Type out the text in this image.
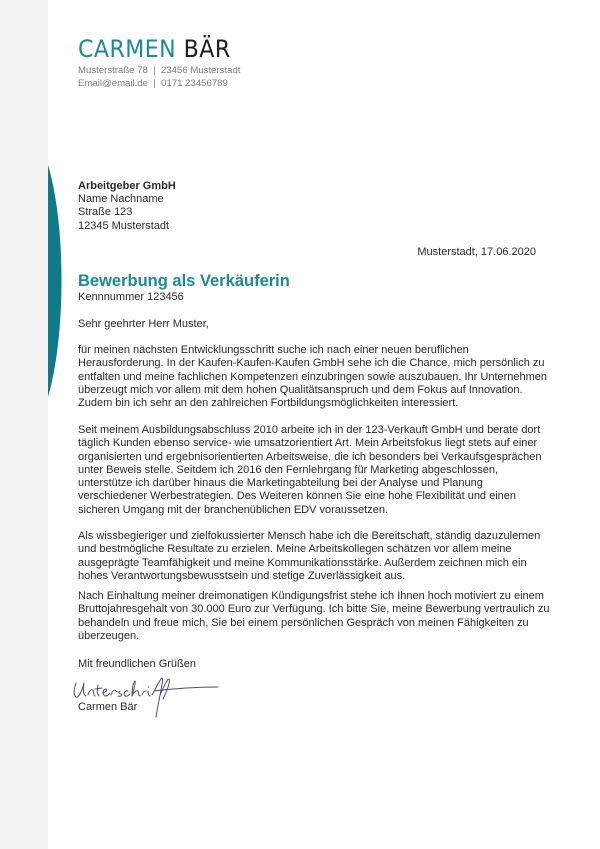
CARMEN BÄR
Musterstraße 78  |  23456 Musterstadt
Email@email.de  |  0171 23456789
Arbeitgeber GmbH
Name Nachname
Straße 123
12345 Musterstadt
Musterstadt, 17.06.2020
Bewerbung als Verkäuferin
Kennnummer 123456
Sehr geehrter Herr Muster,
für meinen nächsten Entwicklungsschritt suche ich nach einer neuen beruflichen
Herausforderung. In der Kaufen-Kaufen-Kaufen GmbH sehe ich die Chance, mich persönlich zu
entfalten und meine fachlichen Kompetenzen einzubringen sowie auszubauen. Ihr Unternehmen
überzeugt mich vor allem mit dem hohen Qualitätsanspruch und dem Fokus auf Innovation.
Zudem bin ich sehr an den zahlreichen Fortbildungsmöglichkeiten interessiert.
Seit meinem Ausbildungsabschluss 2010 arbeite ich in der 123-Verkauft GmbH und berate dort
täglich Kunden ebenso service- wie umsatzorientiert Art. Mein Arbeitsfokus liegt stets auf einer
organisierten und ergebnisorientierten Arbeitsweise, die ich besonders bei Verkaufsgesprächen
unter Beweis stelle. Seitdem ich 2016 den Fernlehrgang für Marketing abgeschlossen,
unterstütze ich darüber hinaus die Marketingabteilung bei der Analyse und Planung
verschiedener Werbestrategien. Des Weiteren können Sie eine hohe Flexibilität und einen
sicheren Umgang mit der branchenüblichen EDV voraussetzen.
Als wissbegieriger und zielfokussierter Mensch habe ich die Bereitschaft, ständig dazuzulernen
und bestmögliche Resultate zu erzielen. Meine Arbeitskollegen schätzen vor allem meine
ausgeprägte Teamfähigkeit und meine Kommunikationsstärke. Außerdem zeichnen mich ein
hohes Verantwortungsbewusstsein und stetige Zuverlässigkeit aus.
Nach Einhaltung meiner dreimonatigen Kündigungsfrist stehe ich Ihnen hoch motiviert zu einem
Bruttojahresgehalt von 30.000 Euro zur Verfügung. Ich bitte Sie, meine Bewerbung vertraulich zu
behandeln und freue mich, Sie bei einem persönlichen Gespräch von meinen Fähigkeiten zu
überzeugen.
Mit freundlichen Grüßen
Carmen Bär
